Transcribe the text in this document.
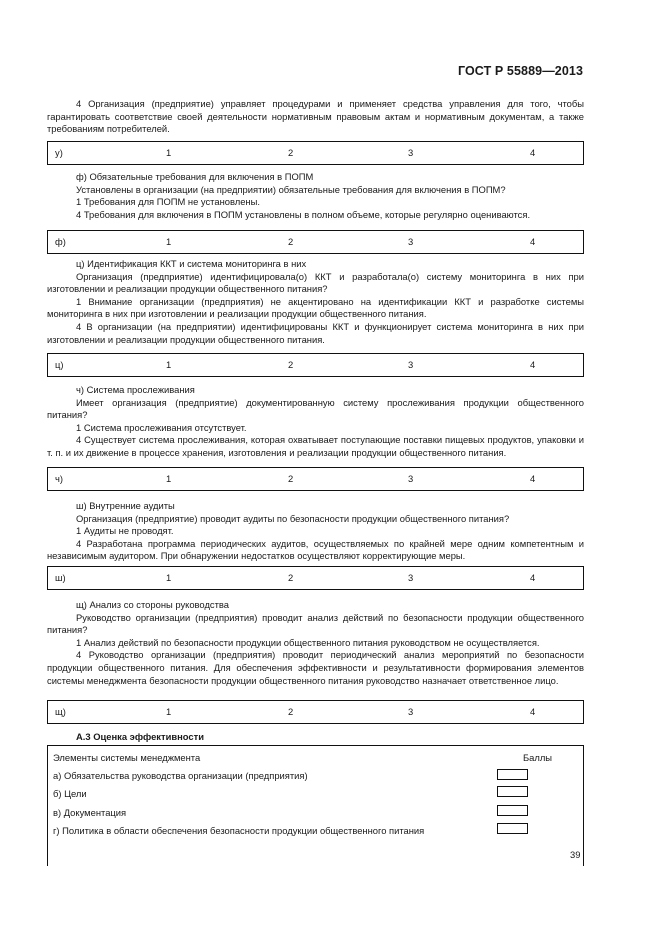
ГОСТ Р 55889—2013

4 Организация (предприятие) управляет процедурами и применяет средства управления для того, чтобы гарантировать соответствие своей деятельности нормативным правовым актам и нормативным документам, а также требованиям потребителей.

у)	1	2	3	4

ф) Обязательные требования для включения в ПОПМ

Установлены в организации (на предприятии) обязательные требования для включения в ПОПМ?

1 Требования для ПОПМ не установлены.

4 Требования для включения в ПОПМ установлены в полном объеме, которые регулярно оцениваются.

ф)	1	2	3	4

ц) Идентификация ККТ и система мониторинга в них

Организация (предприятие) идентифицировала(о) ККТ и разработала(о) систему мониторинга в них при изготовлении и реализации продукции общественного питания?

1 Внимание организации (предприятия) не акцентировано на идентификации ККТ и разработке системы мониторинга в них при изготовлении и реализации продукции общественного питания.

4 В организации (на предприятии) идентифицированы ККТ и функционирует система мониторинга в них при изготовлении и реализации продукции общественного питания.

ц)	1	2	3	4

ч) Система прослеживания

Имеет организация (предприятие) документированную систему прослеживания продукции общественного питания?

1 Система прослеживания отсутствует.

4 Существует система прослеживания, которая охватывает поступающие поставки пищевых продуктов, упаковки и т. п. и их движение в процессе хранения, изготовления и реализации продукции общественного питания.

ч)	1	2	3	4

ш) Внутренние аудиты

Организация (предприятие) проводит аудиты по безопасности продукции общественного питания?

1 Аудиты не проводят.

4 Разработана программа периодических аудитов, осуществляемых по крайней мере одним компетентным и независимым аудитором. При обнаружении недостатков осуществляют корректирующие меры.

ш)	1	2	3	4

щ) Анализ со стороны руководства

Руководство организации (предприятия) проводит анализ действий по безопасности продукции общественного питания?

1 Анализ действий по безопасности продукции общественного питания руководством не осуществляется.

4 Руководство организации (предприятия) проводит периодический анализ мероприятий по безопасности продукции общественного питания. Для обеспечения эффективности и результативности формирования элементов системы менеджмента безопасности продукции общественного питания руководство назначает ответственное лицо.

щ)	1	2	3	4
А.3 Оценка эффективности
Элементы системы менеджмента	Баллы
а) Обязательства руководства организации (предприятия)
б) Цели
в) Документация
г) Политика в области обеспечения безопасности продукции общественного питания
39
